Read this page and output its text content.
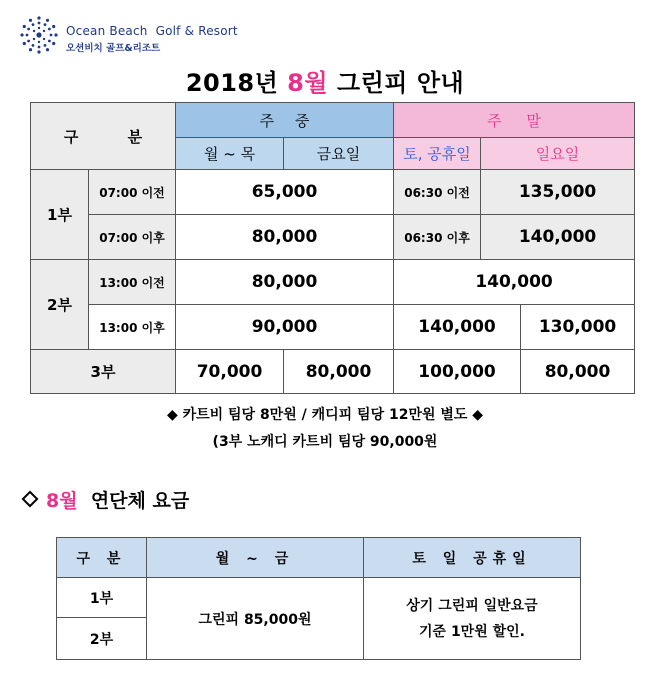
Ocean Beach Golf & Resort
오션비치 골프&리조트
2018년 8월 그린피 안내
구 분		주 중		주 말		
		월 ~ 목	금요일	토, 공휴일	일요일	
1부	07:00 이전	65,000		06:30 이전	135,000	
	07:00 이후	80,000		06:30 이후	140,000	
2부	13:00 이전	80,000		140,000		
	13:00 이후	90,000		140,000		130,000
3부		70,000	80,000	100,000		80,000
◆ 카트비 팀당 8만원 / 캐디피 팀당 12만원 별도 ◆
(3부 노캐디 카트비 팀당 90,000원
8월 연단체 요금
구 분	월 ~ 금	토 일 공휴일
1부	그린피 85,000원	상기 그린피 일반요금
기준 1만원 할인.

2부		
